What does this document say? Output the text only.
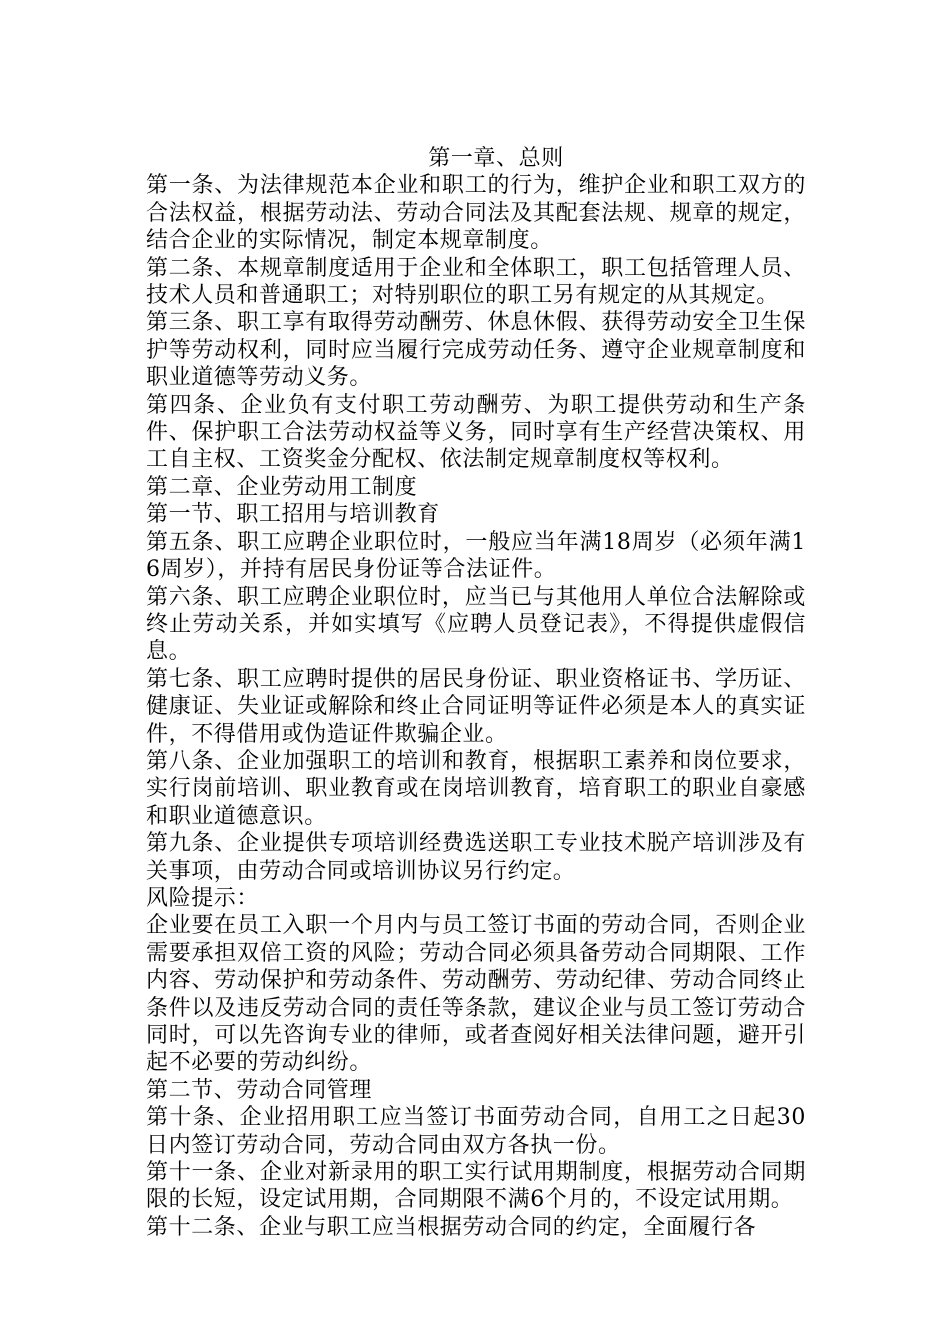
第一章、总则

第一条、为法律规范本企业和职工的行为，维护企业和职工双方的合法权益，根据劳动法、劳动合同法及其配套法规、规章的规定，结合企业的实际情况，制定本规章制度。

第二条、本规章制度适用于企业和全体职工，职工包括管理人员、技术人员和普通职工；对特别职位的职工另有规定的从其规定。

第三条、职工享有取得劳动酬劳、休息休假、获得劳动安全卫生保护等劳动权利，同时应当履行完成劳动任务、遵守企业规章制度和职业道德等劳动义务。

第四条、企业负有支付职工劳动酬劳、为职工提供劳动和生产条件、保护职工合法劳动权益等义务，同时享有生产经营决策权、用工自主权、工资奖金分配权、依法制定规章制度权等权利。

第二章、企业劳动用工制度

第一节、职工招用与培训教育

第五条、职工应聘企业职位时，一般应当年满18周岁（必须年满16周岁），并持有居民身份证等合法证件。

第六条、职工应聘企业职位时，应当已与其他用人单位合法解除或终止劳动关系，并如实填写《应聘人员登记表》，不得提供虚假信息。

第七条、职工应聘时提供的居民身份证、职业资格证书、学历证、健康证、失业证或解除和终止合同证明等证件必须是本人的真实证件，不得借用或伪造证件欺骗企业。

第八条、企业加强职工的培训和教育，根据职工素养和岗位要求，实行岗前培训、职业教育或在岗培训教育，培育职工的职业自豪感和职业道德意识。

第九条、企业提供专项培训经费选送职工专业技术脱产培训涉及有关事项，由劳动合同或培训协议另行约定。

风险提示：

企业要在员工入职一个月内与员工签订书面的劳动合同，否则企业需要承担双倍工资的风险；劳动合同必须具备劳动合同期限、工作内容、劳动保护和劳动条件、劳动酬劳、劳动纪律、劳动合同终止条件以及违反劳动合同的责任等条款，建议企业与员工签订劳动合同时，可以先咨询专业的律师，或者查阅好相关法律问题，避开引起不必要的劳动纠纷。

第二节、劳动合同管理

第十条、企业招用职工应当签订书面劳动合同，自用工之日起30日内签订劳动合同，劳动合同由双方各执一份。

第十一条、企业对新录用的职工实行试用期制度，根据劳动合同期限的长短，设定试用期，合同期限不满6个月的，不设定试用期。

第十二条、企业与职工应当根据劳动合同的约定，全面履行各
